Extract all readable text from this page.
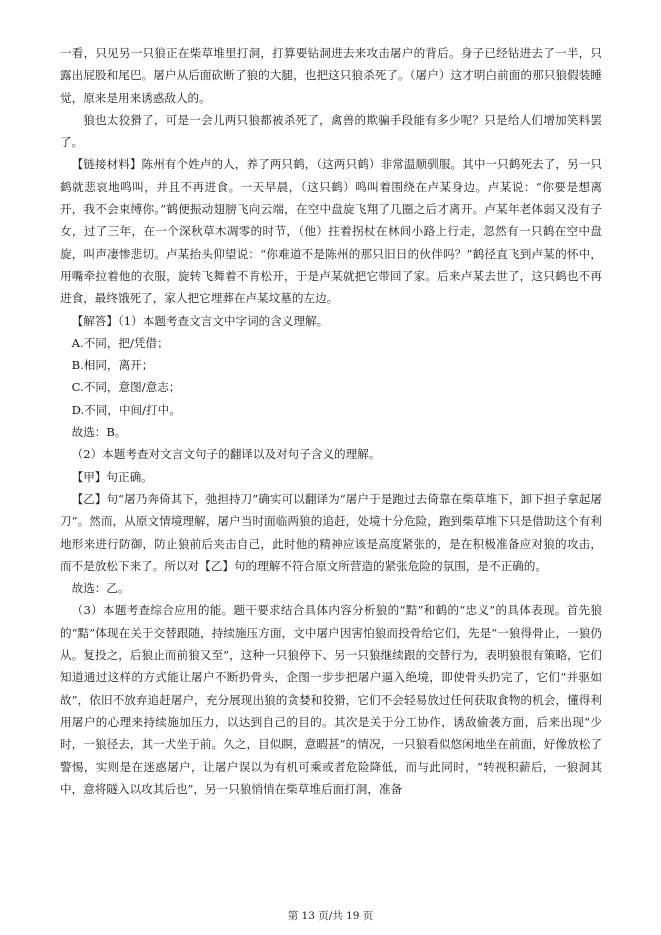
一看，只见另一只狼正在柴草堆里打洞，打算要钻洞进去来攻击屠户的背后。身子已经钻进去了一半，只露出屁股和尾巴。屠户从后面砍断了狼的大腿，也把这只狼杀死了。（屠户）这才明白前面的那只狼假装睡觉，原来是用来诱惑敌人的。

狼也太狡猾了，可是一会儿两只狼都被杀死了，禽兽的欺骗手段能有多少呢？只是给人们增加笑料罢了。

【链接材料】陈州有个姓卢的人，养了两只鹤，（这两只鹤）非常温顺驯服。其中一只鹤死去了，另一只鹤就悲哀地鸣叫，并且不再进食。一天早晨，（这只鹤）鸣叫着围绕在卢某身边。卢某说：“你要是想离开，我不会束缚你。”鹤便振动翅膀飞向云端，在空中盘旋飞翔了几圈之后才离开。卢某年老体弱又没有子女，过了三年，在一个深秋草木凋零的时节，（他）拄着拐杖在林间小路上行走，忽然有一只鹤在空中盘旋，叫声凄惨悲切。卢某抬头仰望说：“你难道不是陈州的那只旧日的伙伴吗？”鹤径直飞到卢某的怀中，用嘴牵拉着他的衣服，旋转飞舞着不肯松开，于是卢某就把它带回了家。后来卢某去世了，这只鹤也不再进食，最终饿死了，家人把它埋葬在卢某坟墓的左边。

【解答】（1）本题考查文言文中字词的含义理解。

A.不同，把/凭借；

B.相同，离开；

C.不同，意图/意志；

D.不同，中间/打中。

故选：B。

（2）本题考查对文言文句子的翻译以及对句子含义的理解。

【甲】句正确。

【乙】句“屠乃奔倚其下，弛担持刀”确实可以翻译为“屠户于是跑过去倚靠在柴草堆下，卸下担子拿起屠刀”。然而，从原文情境理解，屠户当时面临两狼的追赶，处境十分危险，跑到柴草堆下只是借助这个有利地形来进行防御，防止狼前后夹击自己，此时他的精神应该是高度紧张的，是在积极准备应对狼的攻击，而不是放松下来了。所以对【乙】句的理解不符合原文所营造的紧张危险的氛围，是不正确的。

故选：乙。

（3）本题考查综合应用的能。题干要求结合具体内容分析狼的“黠”和鹤的“忠义”的具体表现。首先狼的“黠”体现在关于交替跟随，持续施压方面，文中屠户因害怕狼而投骨给它们，先是“一狼得骨止，一狼仍从。复投之，后狼止而前狼又至”，这种一只狼停下、另一只狼继续跟的交替行为，表明狼很有策略，它们知道通过这样的方式能让屠户不断扔骨头，企图一步步把屠户逼入绝境，即使骨头扔完了，它们“并驱如故”，依旧不放弃追赶屠户，充分展现出狼的贪婪和狡猾，它们不会轻易放过任何获取食物的机会，懂得利用屠户的心理来持续施加压力，以达到自己的目的。其次是关于分工协作，诱敌偷袭方面，后来出现“少时，一狼径去，其一犬坐于前。久之，目似瞑，意暇甚”的情况，一只狼看似悠闲地坐在前面，好像放松了警惕，实则是在迷惑屠户，让屠户误以为有机可乘或者危险降低，而与此同时，“转视积薪后，一狼洞其中，意将隧入以攻其后也”，另一只狼悄悄在柴草堆后面打洞，准备

第 13 页/共 19 页
